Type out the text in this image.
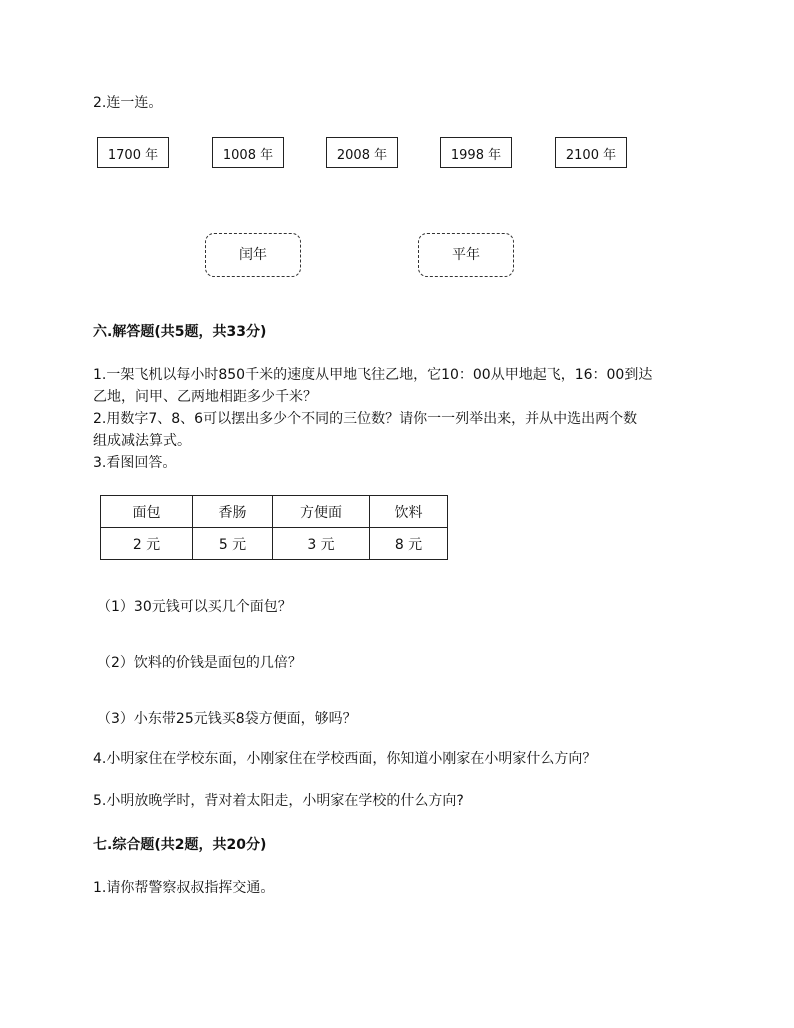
2.连一连。
1700 年	1008 年	2008 年	1998 年	2100 年
闰年	平年
六.解答题(共5题，共33分)
1.一架飞机以每小时850千米的速度从甲地飞往乙地，它10：00从甲地起飞，16：00到达
乙地，问甲、乙两地相距多少千米？
2.用数字7、8、6可以摆出多少个不同的三位数？请你一一列举出来，并从中选出两个数
组成减法算式。
3.看图回答。
面包	香肠	方便面	饮料
2 元	5 元	3 元	8 元
（1）30元钱可以买几个面包？
（2）饮料的价钱是面包的几倍？
（3）小东带25元钱买8袋方便面，够吗？
4.小明家住在学校东面，小刚家住在学校西面，你知道小刚家在小明家什么方向？
5.小明放晚学时，背对着太阳走，小明家在学校的什么方向?
七.综合题(共2题，共20分)
1.请你帮警察叔叔指挥交通。
